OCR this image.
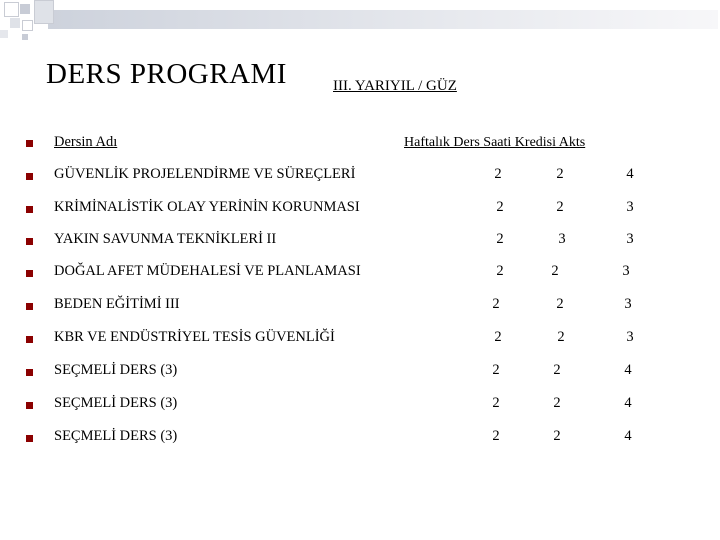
DERS PROGRAMI	III. YARIYIL / GÜZ
Dersin Adı	Haftalık Ders Saati Kredisi Akts
GÜVENLİK PROJELENDİRME VE SÜREÇLERİ	2	2	4
KRİMİNALİSTİK OLAY YERİNİN KORUNMASI	2	2	3
YAKIN SAVUNMA TEKNİKLERİ II	2	3	3
DOĞAL AFET MÜDEHALESİ VE PLANLAMASI	2	2	3
BEDEN EĞİTİMİ III	2	2	3
KBR VE ENDÜSTRİYEL TESİS GÜVENLİĞİ	2	2	3
SEÇMELİ DERS (3)	2	2	4
SEÇMELİ DERS (3)	2	2	4
SEÇMELİ DERS (3)	2	2	4
